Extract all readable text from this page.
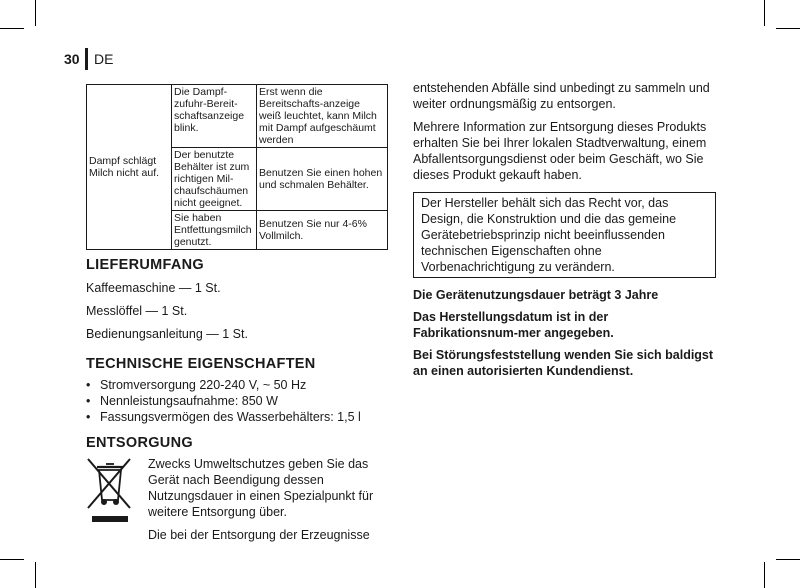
30 DE
Dampf schlägt Milch nicht auf.	Die Dampf-zufuhr-Bereit-schaftsanzeige blink.	Erst wenn die Bereitschafts-anzeige weiß leuchtet, kann Milch mit Dampf aufgeschäumt werden
	Der benutzte Behälter ist zum richtigen Mil-chaufschäumen nicht geeignet.	Benutzen Sie einen hohen und schmalen Behälter.
	Sie haben Entfettungsmilch genutzt.	Benutzen Sie nur 4-6% Vollmilch.
LIEFERUMFANG

Kaffeemaschine — 1 St.

Messlöffel — 1 St.

Bedienungsanleitung — 1 St.

TECHNISCHE EIGENSCHAFTEN
• Stromversorgung 220-240 V, ~ 50 Hz
• Nennleistungsaufnahme: 850 W
• Fassungsvermögen des Wasserbehälters: 1,5 l
ENTSORGUNG

Zwecks Umweltschutzes geben Sie das Gerät nach Beendigung dessen Nutzungsdauer in einen Spezialpunkt für weitere Entsorgung über.

Die bei der Entsorgung der Erzeugnisse

entstehenden Abfälle sind unbedingt zu sammeln und weiter ordnungsmäßig zu entsorgen.

Mehrere Information zur Entsorgung dieses Produkts erhalten Sie bei Ihrer lokalen Stadtverwaltung, einem Abfallentsorgungsdienst oder beim Geschäft, wo Sie dieses Produkt gekauft haben.

Der Hersteller behält sich das Recht vor, das Design, die Konstruktion und die das gemeine Gerätebetriebsprinzip nicht beeinflussenden technischen Eigenschaften ohne Vorbenachrichtigung zu verändern.

Die Gerätenutzungsdauer beträgt 3 Jahre

Das Herstellungsdatum ist in der Fabrikationsnum-mer angegeben.

Bei Störungsfeststellung wenden Sie sich baldigst an einen autorisierten Kundendienst.
